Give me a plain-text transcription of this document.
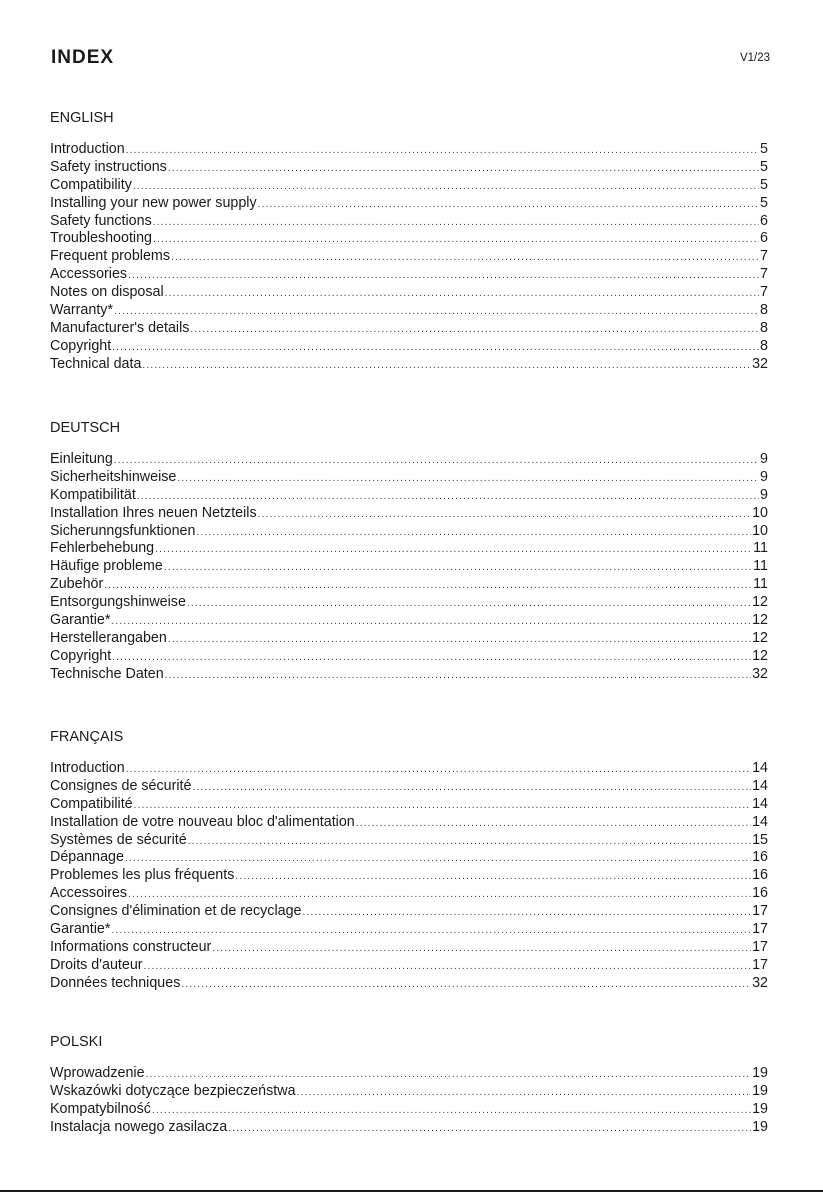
INDEX	V1/23
ENGLISH
Introduction .....	5
Safety instructions .....	5
Compatibility .....	5
Installing your new power supply .....	5
Safety functions .....	6
Troubleshooting .....	6
Frequent problems .....	7
Accessories .....	7
Notes on disposal .....	7
Warranty* .....	8
Manufacturer's details .....	8
Copyright .....	8
Technical data .....	32
DEUTSCH
Einleitung .....	9
Sicherheitshinweise .....	9
Kompatibilität .....	9
Installation Ihres neuen Netzteils .....	10
Sicherunngsfunktionen .....	10
Fehlerbehebung .....	11
Häufige probleme .....	11
Zubehör .....	11
Entsorgungshinweise .....	12
Garantie* .....	12
Herstellerangaben .....	12
Copyright .....	12
Technische Daten .....	32
FRANÇAIS
Introduction .....	14
Consignes de sécurité .....	14
Compatibilité .....	14
Installation de votre nouveau bloc d'alimentation .....	14
Systèmes de sécurité .....	15
Dépannage .....	16
Problemes les plus fréquents .....	16
Accessoires .....	16
Consignes d'élimination et de recyclage .....	17
Garantie* .....	17
Informations constructeur .....	17
Droits d'auteur .....	17
Données techniques .....	32
POLSKI
Wprowadzenie .....	19
Wskazówki dotyczące bezpieczeństwa .....	19
Kompatybilność .....	19
Instalacja nowego zasilacza .....	19
